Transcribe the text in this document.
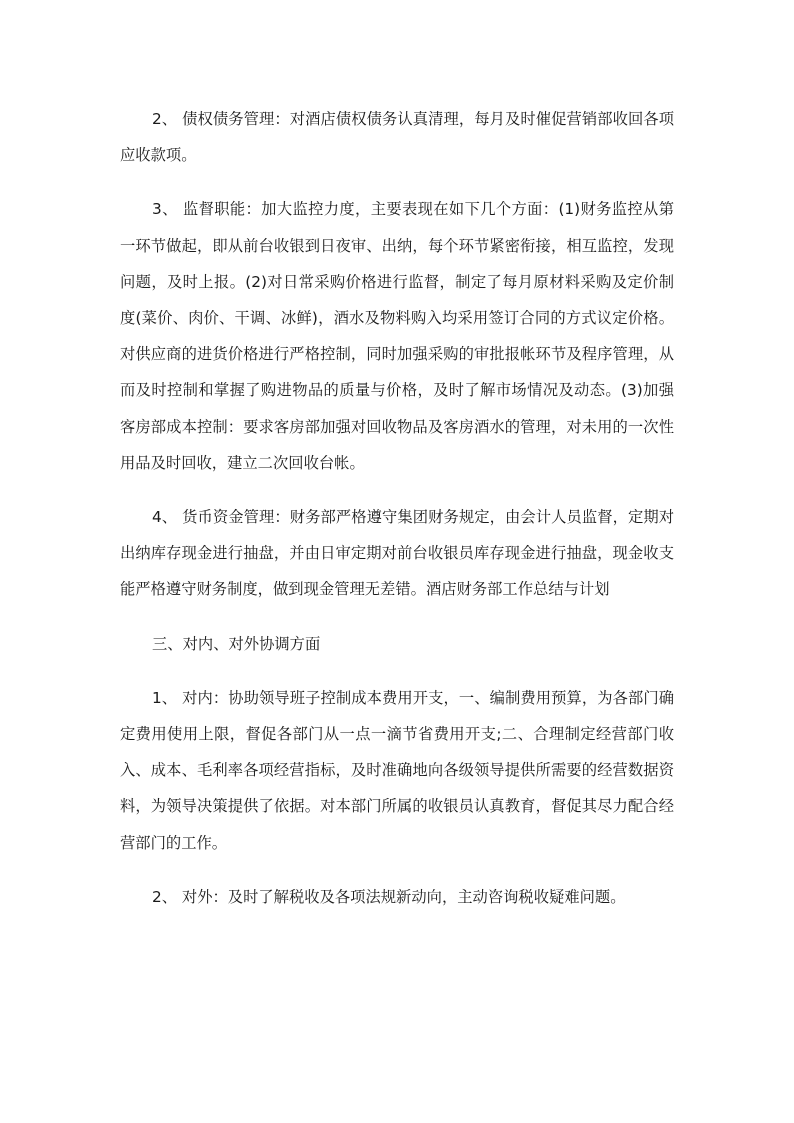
2、 债权债务管理：对酒店债权债务认真清理，每月及时催促营销部收回各项应收款项。

3、 监督职能：加大监控力度，主要表现在如下几个方面：(1)财务监控从第一环节做起，即从前台收银到日夜审、出纳，每个环节紧密衔接，相互监控，发现问题，及时上报。(2)对日常采购价格进行监督，制定了每月原材料采购及定价制度(菜价、肉价、干调、冰鲜)，酒水及物料购入均采用签订合同的方式议定价格。对供应商的进货价格进行严格控制，同时加强采购的审批报帐环节及程序管理，从而及时控制和掌握了购进物品的质量与价格，及时了解市场情况及动态。(3)加强客房部成本控制：要求客房部加强对回收物品及客房酒水的管理，对未用的一次性用品及时回收，建立二次回收台帐。

4、 货币资金管理：财务部严格遵守集团财务规定，由会计人员监督，定期对出纳库存现金进行抽盘，并由日审定期对前台收银员库存现金进行抽盘，现金收支能严格遵守财务制度，做到现金管理无差错。酒店财务部工作总结与计划

三、对内、对外协调方面

1、 对内：协助领导班子控制成本费用开支，一、编制费用预算，为各部门确定费用使用上限，督促各部门从一点一滴节省费用开支;二、合理制定经营部门收入、成本、毛利率各项经营指标，及时准确地向各级领导提供所需要的经营数据资料，为领导决策提供了依据。对本部门所属的收银员认真教育，督促其尽力配合经营部门的工作。

2、 对外：及时了解税收及各项法规新动向，主动咨询税收疑难问题。
